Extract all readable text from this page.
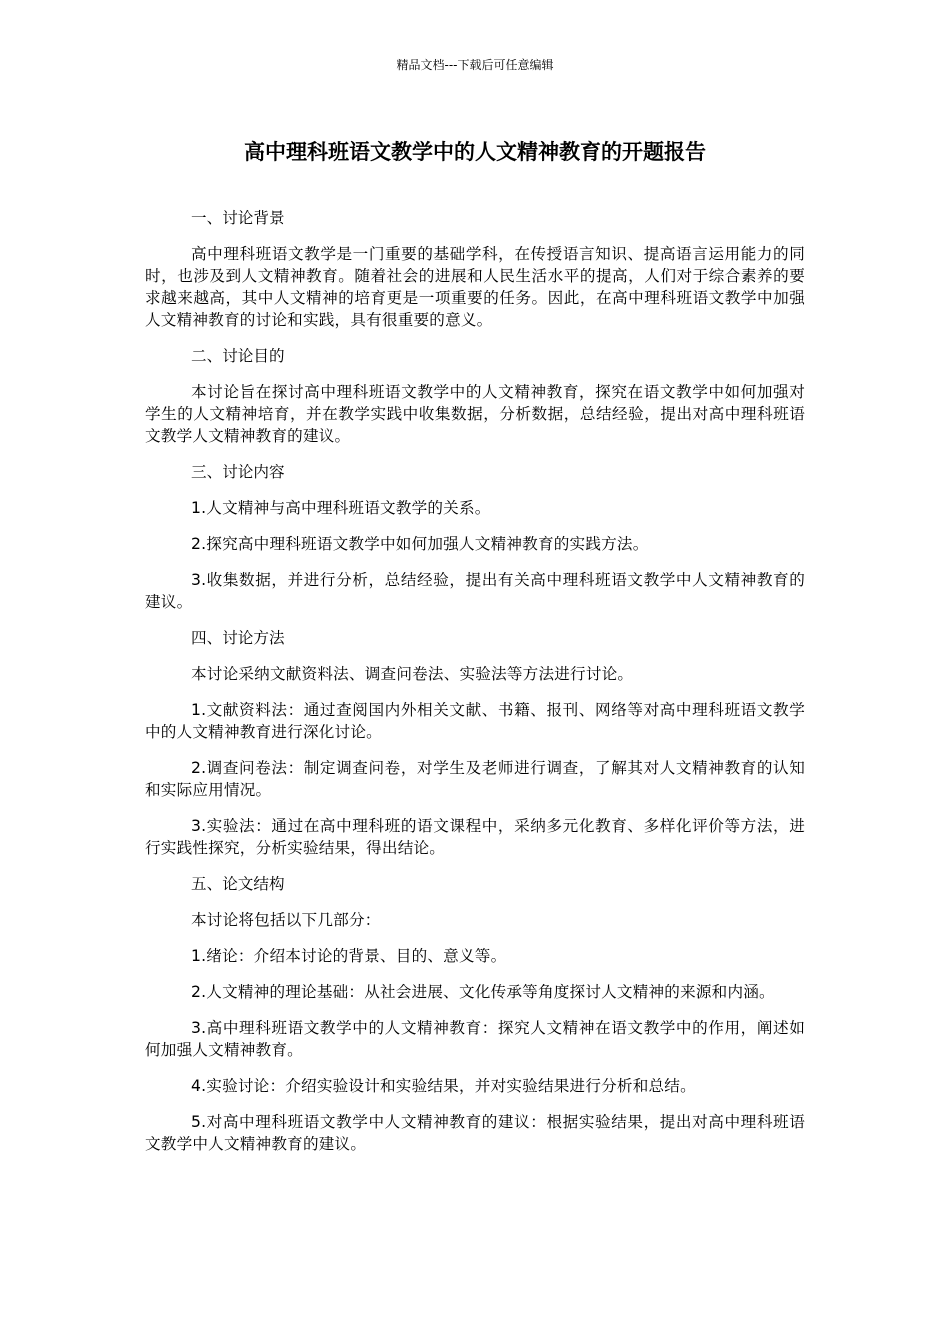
精品文档---下载后可任意编辑
高中理科班语文教学中的人文精神教育的开题报告

一、讨论背景

高中理科班语文教学是一门重要的基础学科，在传授语言知识、提高语言运用能力的同时，也涉及到人文精神教育。随着社会的进展和人民生活水平的提高，人们对于综合素养的要求越来越高，其中人文精神的培育更是一项重要的任务。因此，在高中理科班语文教学中加强人文精神教育的讨论和实践，具有很重要的意义。

二、讨论目的

本讨论旨在探讨高中理科班语文教学中的人文精神教育，探究在语文教学中如何加强对学生的人文精神培育，并在教学实践中收集数据，分析数据，总结经验，提出对高中理科班语文教学人文精神教育的建议。

三、讨论内容

1.人文精神与高中理科班语文教学的关系。

2.探究高中理科班语文教学中如何加强人文精神教育的实践方法。

3.收集数据，并进行分析，总结经验，提出有关高中理科班语文教学中人文精神教育的建议。

四、讨论方法

本讨论采纳文献资料法、调查问卷法、实验法等方法进行讨论。

1.文献资料法：通过查阅国内外相关文献、书籍、报刊、网络等对高中理科班语文教学中的人文精神教育进行深化讨论。

2.调查问卷法：制定调查问卷，对学生及老师进行调查，了解其对人文精神教育的认知和实际应用情况。

3.实验法：通过在高中理科班的语文课程中，采纳多元化教育、多样化评价等方法，进行实践性探究，分析实验结果，得出结论。

五、论文结构

本讨论将包括以下几部分：

1.绪论：介绍本讨论的背景、目的、意义等。

2.人文精神的理论基础：从社会进展、文化传承等角度探讨人文精神的来源和内涵。

3.高中理科班语文教学中的人文精神教育：探究人文精神在语文教学中的作用，阐述如何加强人文精神教育。

4.实验讨论：介绍实验设计和实验结果，并对实验结果进行分析和总结。

5.对高中理科班语文教学中人文精神教育的建议：根据实验结果，提出对高中理科班语文教学中人文精神教育的建议。
